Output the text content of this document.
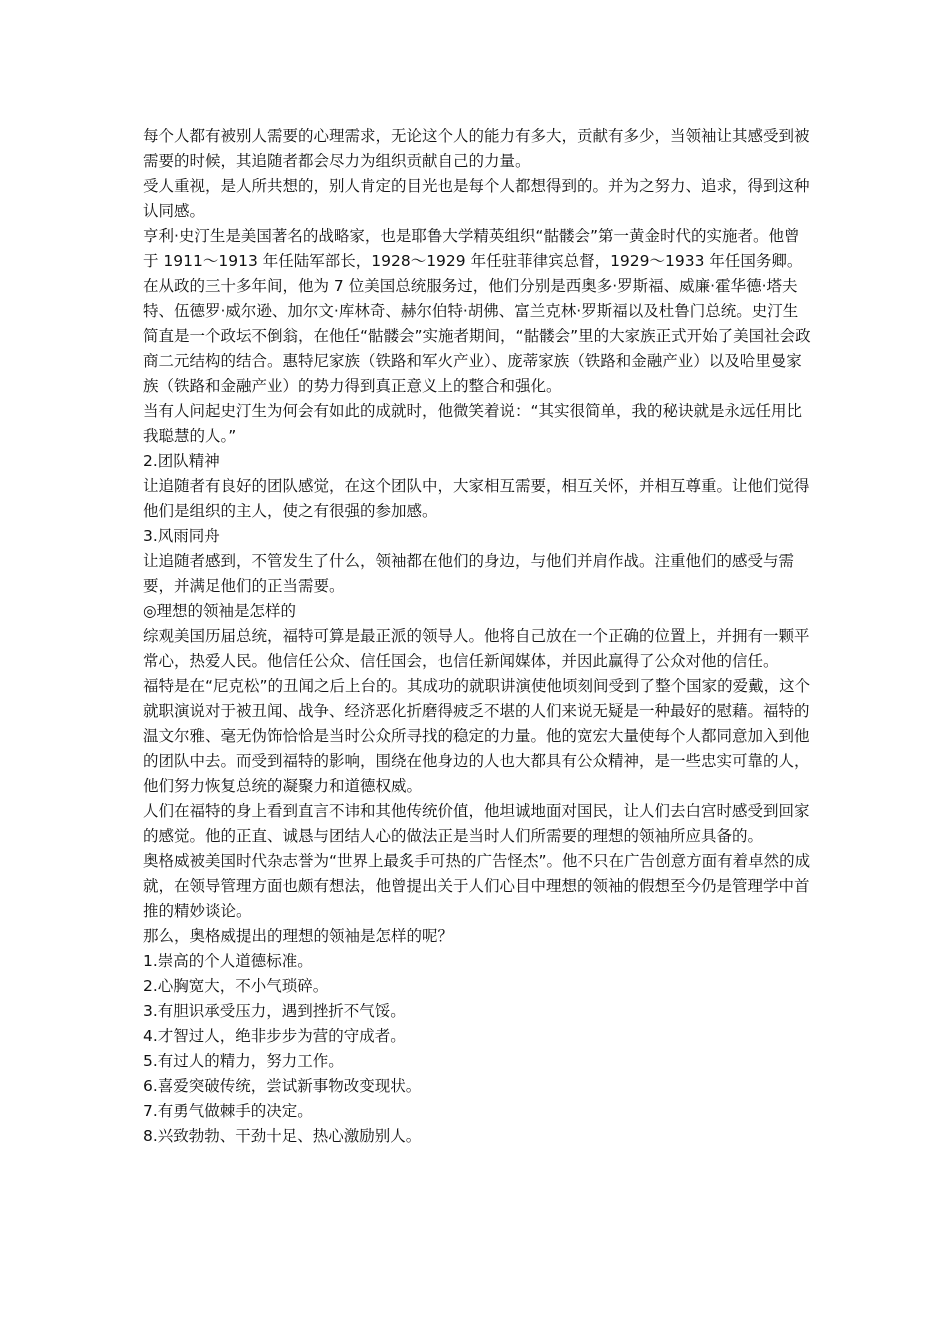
每个人都有被别人需要的心理需求，无论这个人的能力有多大，贡献有多少，当领袖让其感受到被需要的时候，其追随者都会尽力为组织贡献自己的力量。

受人重视，是人所共想的，别人肯定的目光也是每个人都想得到的。并为之努力、追求，得到这种认同感。

亨利·史汀生是美国著名的战略家，也是耶鲁大学精英组织“骷髅会”第一黄金时代的实施者。他曾于 1911～1913 年任陆军部长，1928～1929 年任驻菲律宾总督，1929～1933 年任国务卿。在从政的三十多年间，他为 7 位美国总统服务过，他们分别是西奥多·罗斯福、威廉·霍华德·塔夫特、伍德罗·威尔逊、加尔文·库林奇、赫尔伯特·胡佛、富兰克林·罗斯福以及杜鲁门总统。史汀生简直是一个政坛不倒翁，在他任“骷髅会”实施者期间，“骷髅会”里的大家族正式开始了美国社会政商二元结构的结合。惠特尼家族（铁路和军火产业）、庞蒂家族（铁路和金融产业）以及哈里曼家族（铁路和金融产业）的势力得到真正意义上的整合和强化。

当有人问起史汀生为何会有如此的成就时，他微笑着说：“其实很简单，我的秘诀就是永远任用比我聪慧的人。”

2.团队精神

让追随者有良好的团队感觉，在这个团队中，大家相互需要，相互关怀，并相互尊重。让他们觉得他们是组织的主人，使之有很强的参加感。

3.风雨同舟

让追随者感到，不管发生了什么，领袖都在他们的身边，与他们并肩作战。注重他们的感受与需要，并满足他们的正当需要。

◎理想的领袖是怎样的

综观美国历届总统，福特可算是最正派的领导人。他将自己放在一个正确的位置上，并拥有一颗平常心，热爱人民。他信任公众、信任国会，也信任新闻媒体，并因此赢得了公众对他的信任。

福特是在“尼克松”的丑闻之后上台的。其成功的就职讲演使他顷刻间受到了整个国家的爱戴，这个就职演说对于被丑闻、战争、经济恶化折磨得疲乏不堪的人们来说无疑是一种最好的慰藉。福特的温文尔雅、毫无伪饰恰恰是当时公众所寻找的稳定的力量。他的宽宏大量使每个人都同意加入到他的团队中去。而受到福特的影响，围绕在他身边的人也大都具有公众精神，是一些忠实可靠的人，他们努力恢复总统的凝聚力和道德权威。

人们在福特的身上看到直言不讳和其他传统价值，他坦诚地面对国民，让人们去白宫时感受到回家的感觉。他的正直、诚恳与团结人心的做法正是当时人们所需要的理想的领袖所应具备的。

奥格威被美国时代杂志誉为“世界上最炙手可热的广告怪杰”。他不只在广告创意方面有着卓然的成就，在领导管理方面也颇有想法，他曾提出关于人们心目中理想的领袖的假想至今仍是管理学中首推的精妙谈论。

那么，奥格威提出的理想的领袖是怎样的呢？

1.崇高的个人道德标准。

2.心胸宽大，不小气琐碎。

3.有胆识承受压力，遇到挫折不气馁。

4.才智过人，绝非步步为营的守成者。

5.有过人的精力，努力工作。

6.喜爱突破传统，尝试新事物改变现状。

7.有勇气做棘手的决定。

8.兴致勃勃、干劲十足、热心激励别人。
